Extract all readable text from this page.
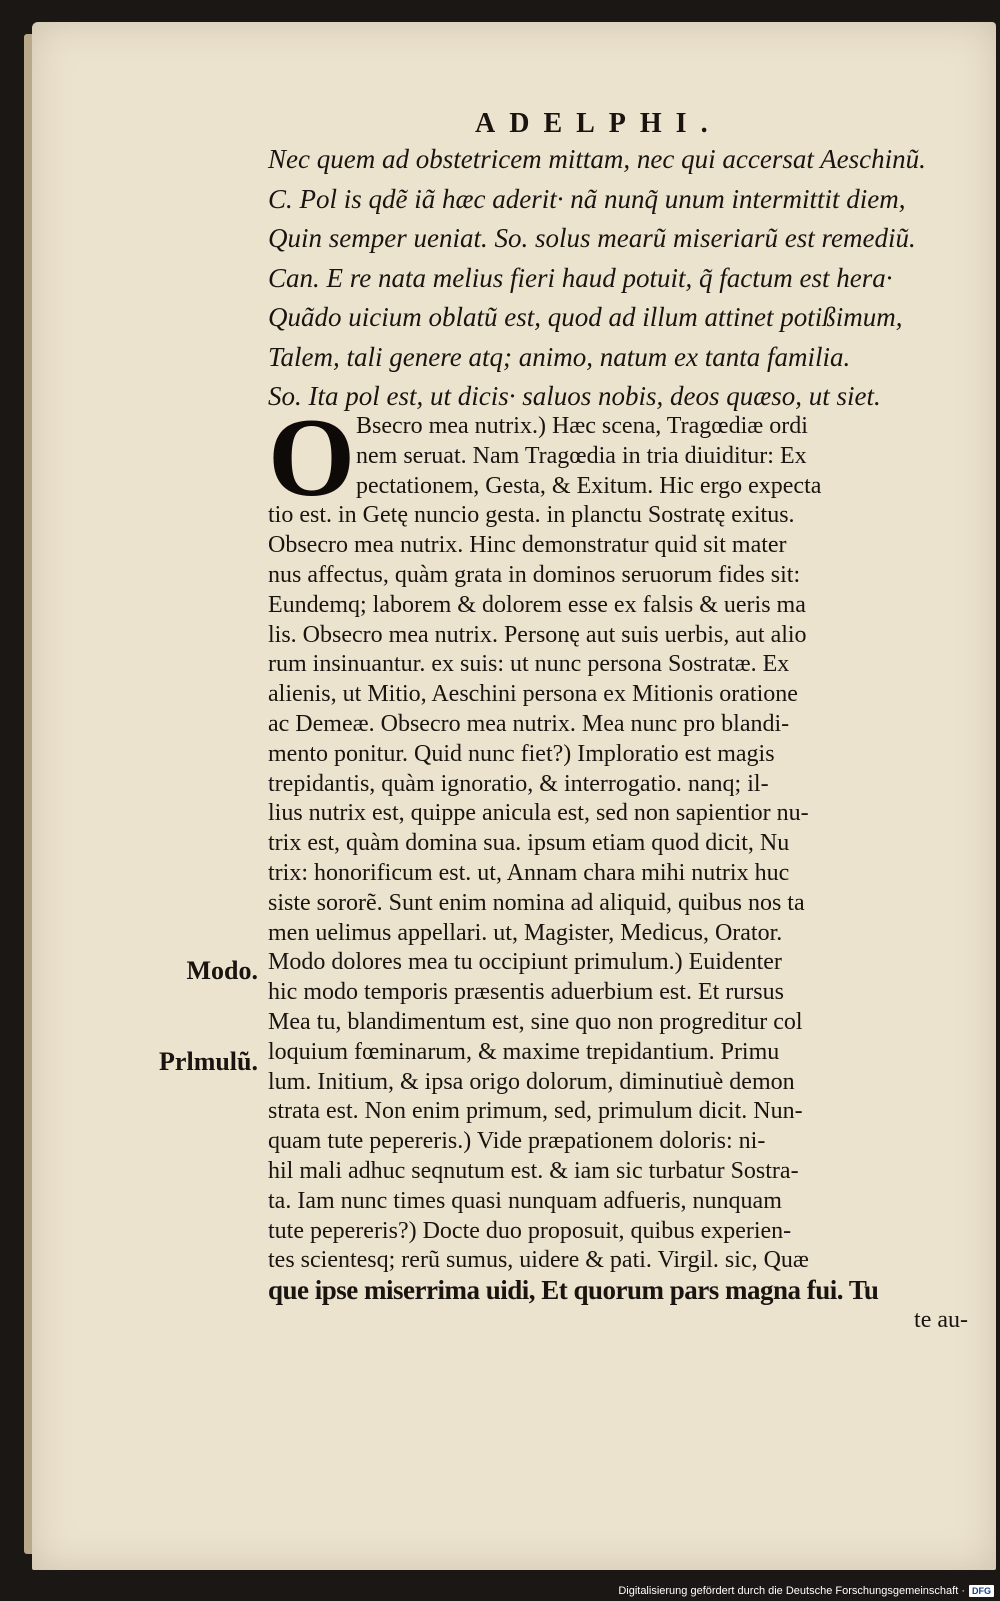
ADELPHI.
Nec quem ad obstetricem mittam, nec qui accersat Aeschinũ.
C. Pol is qdẽ iã hæc aderit· nã nunq̃ unum intermittit diem,
Quin semper ueniat. So. solus mearũ miseriarũ est remediũ.
Can. E re nata melius fieri haud potuit, q̃ factum est hera·
Quãdo uicium oblatũ est, quod ad illum attinet potißimum,
Talem, tali genere atq; animo, natum ex tanta familia.
So. Ita pol est, ut dicis· saluos nobis, deos quæso, ut siet.
O Bsecro mea nutrix.) Hæc scena, Tragœdiæ ordi
nem seruat. Nam Tragœdia in tria diuiditur: Ex
pectationem, Gesta, & Exitum. Hic ergo expecta
tio est. in Getę nuncio gesta. in planctu Sostratę exitus.
Obsecro mea nutrix. Hinc demonstratur quid sit mater
nus affectus, quàm grata in dominos seruorum fides sit:
Eundemq; laborem & dolorem esse ex falsis & ueris ma
lis. Obsecro mea nutrix. Personę aut suis uerbis, aut alio
rum insinuantur. ex suis: ut nunc persona Sostratæ. Ex
alienis, ut Mitio, Aeschini persona ex Mitionis oratione
ac Demeæ. Obsecro mea nutrix. Mea nunc pro blandi-
mento ponitur. Quid nunc fiet?) Imploratio est magis
trepidantis, quàm ignoratio, & interrogatio. nanq; il-
lius nutrix est, quippe anicula est, sed non sapientior nu-
trix est, quàm domina sua. ipsum etiam quod dicit, Nu
trix: honorificum est. ut, Annam chara mihi nutrix huc
siste sororẽ. Sunt enim nomina ad aliquid, quibus nos ta
men uelimus appellari. ut, Magister, Medicus, Orator.
Modo dolores mea tu occipiunt primulum.) Euidenter
hic modo temporis præsentis aduerbium est. Et rursus
Mea tu, blandimentum est, sine quo non progreditur col
loquium fœminarum, & maxime trepidantium. Primu
lum. Initium, & ipsa origo dolorum, diminutiuè demon
strata est. Non enim primum, sed, primulum dicit. Nun-
quam tute pepereris.) Vide præpationem doloris: ni-
hil mali adhuc seqnutum est. & iam sic turbatur Sostra-
ta. Iam nunc times quasi nunquam adfueris, nunquam
tute pepereris?) Docte duo proposuit, quibus experien-
tes scientesq; rerũ sumus, uidere & pati. Virgil. sic, Quæ
que ipse miserrima uidi, Et quorum pars magna fui. Tu
te au-
Modo.
Prlmulũ.
Digitalisierung gefördert durch die Deutsche Forschungsgemeinschaft · DFG
